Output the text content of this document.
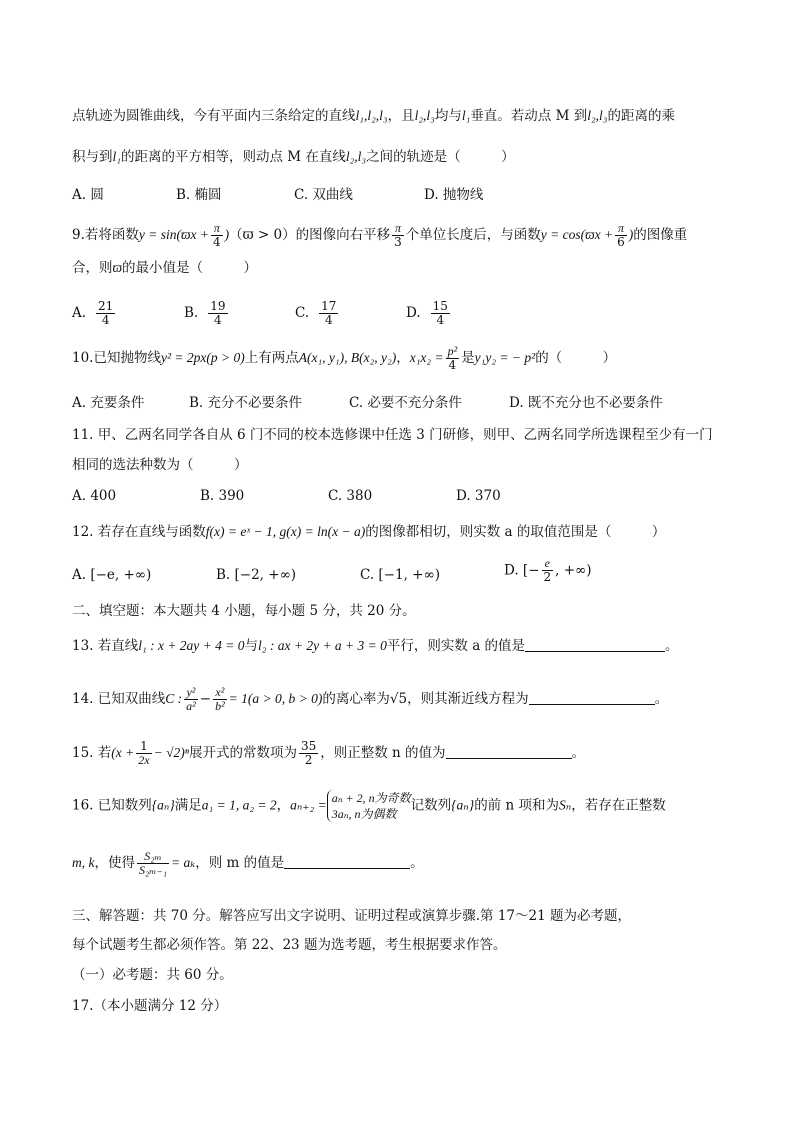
点轨迹为圆锥曲线，今有平面内三条给定的直线l₁,l₂,l₃，且l₂,l₃均与l₁垂直。若动点 M 到l₂,l₃的距离的乘
积与到l₁的距离的平方相等，则动点 M 在直线l₂,l₃之间的轨迹是（　　　）
A. 圆	B. 椭圆	C. 双曲线	D. 抛物线
9.若将函数$y = \sin(ϖx + \frac{\pi}{4} )(ϖ > 0)$的图像向右平移 $\frac{\pi}{3}$ 个单位长度后，与函数$y = \cos(ϖx + \frac{\pi}{6}$ )的图像重
合，则ϖ的最小值是（　　　）
A. $\frac{21}{4}$	B. $\frac{19}{4}$	C. $\frac{17}{4}$	D. $\frac{15}{4}$
10.已知抛物线y² = 2px(p > 0)上有两点A(x₁, y₁), B(x₂, y₂)，$x_1x_2 = \frac{\text{p²}}{4}$ 是y₁y₂ = − p²的（　　　）
A. 充要条件	B. 充分不必要条件	C. 必要不充分条件	D. 既不充分也不必要条件
11. 甲、乙两名同学各自从 6 门不同的校本选修课中任选 3 门研修，则甲、乙两名同学所选课程至少有一门
相同的选法种数为（　　　）
A. 400	B. 390	C. 380	D. 370
12. 若存在直线与函数f(x) = eˣ − 1, g(x) = ln(x − a)的图像都相切，则实数 a 的取值范围是（　　　）
A. [−e, +∞)	B. [−2, +∞)	C. [−1, +∞)	D. [− $\frac{e}{2}$ , +∞)
二、填空题：本大题共 4 小题，每小题 5 分，共 20 分。
13. 若直线l₁ : x + 2ay + 4 = 0与l₂ : ax + 2y + a + 3 = 0平行，则实数 a 的值是	。
14. 已知双曲线C : $\frac{\text{y²}}{\text{a²}} - \frac{\text{x²}}{\text{b²}} = 1(a > 0$, b > 0)的离心率为√5，则其渐近线方程为	。
15. 若$(x + \frac{1}{2x} - √2)^n$展开式的常数项为 $\frac{35}{2}$ ，则正整数 n 的值为	。
16. 已知数列{aₙ}满足a₁ = 1, a₂ = 2，aₙ₊₂ = aₙ + 2, n为奇数
3aₙ, n为偶数
记数列{aₙ}的前 n 项和为Sₙ，若存在正整数
m, k，使得 $\frac{\text{S₂ₘ}}{\text{S₂ₘ₋₁}} = a_k$，则 m 的值是	。
三、解答题：共 70 分。解答应写出文字说明、证明过程或演算步骤.第 17～21 题为必考题，
每个试题考生都必须作答。第 22、23 题为选考题，考生根据要求作答。
（一）必考题：共 60 分。
17.（本小题满分 12 分）
